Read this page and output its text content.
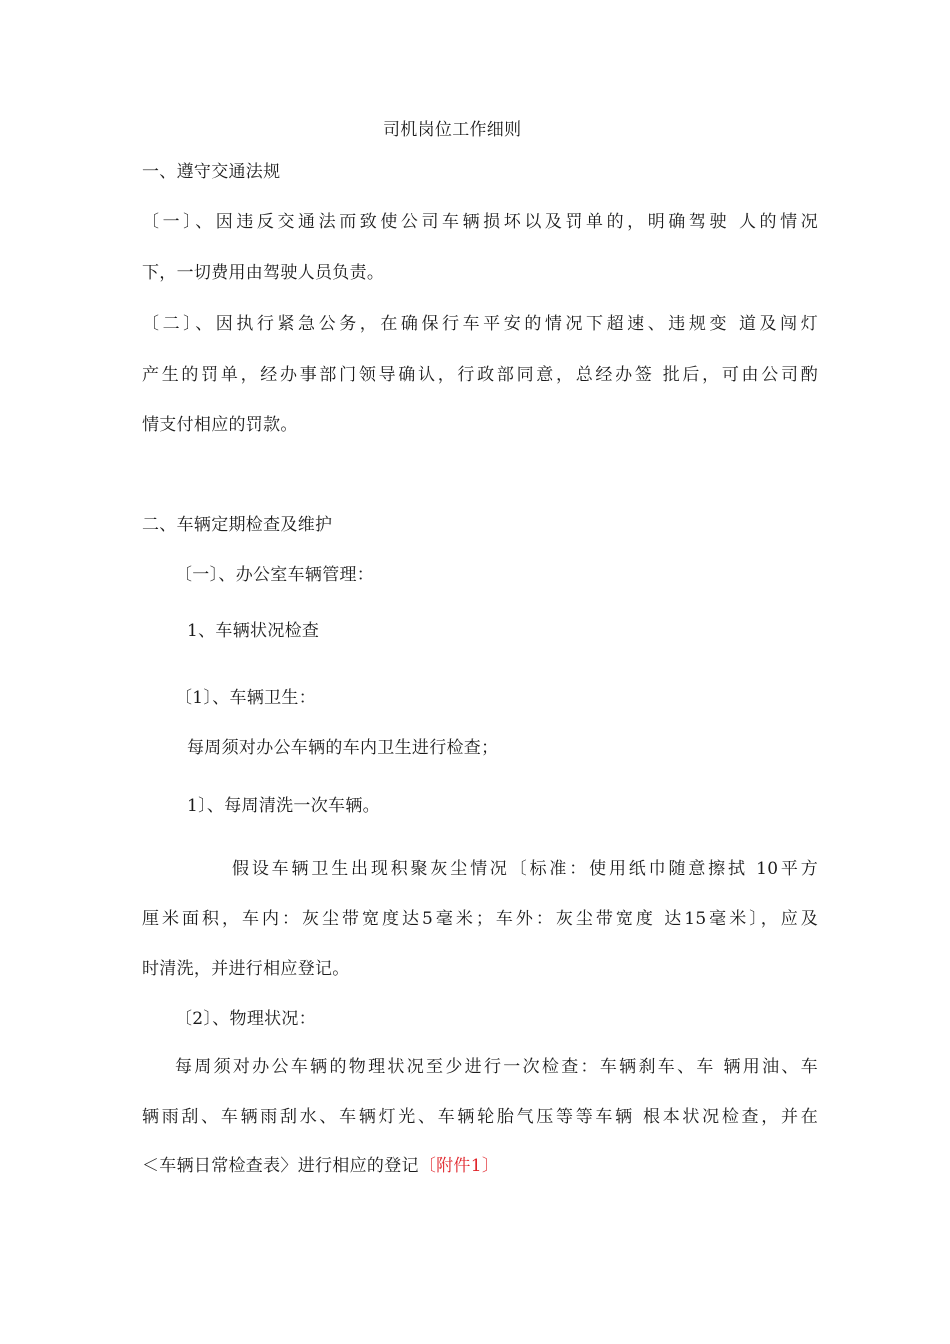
司机岗位工作细则
一、遵守交通法规
〔一〕、因违反交通法而致使公司车辆损坏以及罚单的，明确驾驶 人的情况
下，一切费用由驾驶人员负责。
〔二〕、因执行紧急公务，在确保行车平安的情况下超速、违规变 道及闯灯
产生的罚单，经办事部门领导确认，行政部同意，总经办签 批后，可由公司酌
情支付相应的罚款。
二、车辆定期检查及维护
〔一〕、办公室车辆管理：
1、车辆状况检查
〔1〕、车辆卫生：
每周须对办公车辆的车内卫生进行检查；
1〕、每周清洗一次车辆。
假设车辆卫生出现积聚灰尘情况〔标准：使用纸巾随意擦拭 10平方
厘米面积，车内：灰尘带宽度达5毫米；车外：灰尘带宽度 达15毫米〕，应及
时清洗，并进行相应登记。
〔2〕、物理状况：
每周须对办公车辆的物理状况至少进行一次检查：车辆刹车、车 辆用油、车
辆雨刮、车辆雨刮水、车辆灯光、车辆轮胎气压等等车辆 根本状况检查，并在
＜车辆日常检查表〉进行相应的登记〔附件1〕
